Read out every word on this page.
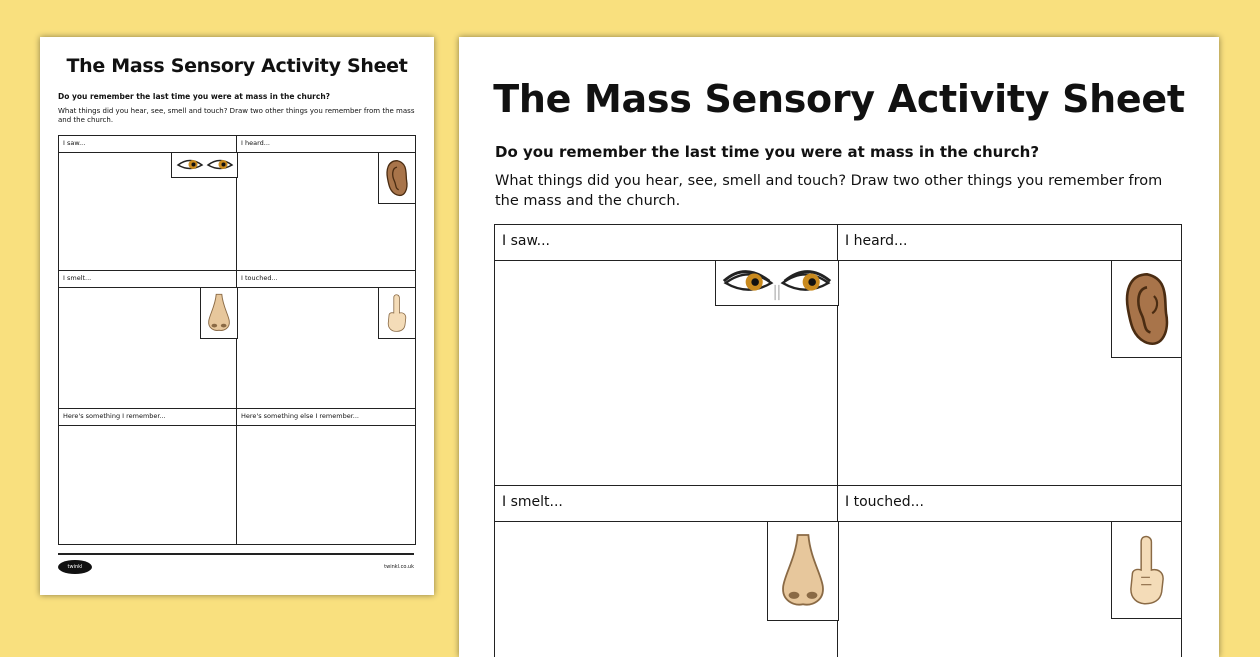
The Mass Sensory Activity Sheet
Do you remember the last time you were at mass in the church?
What things did you hear, see, smell and touch? Draw two other things you remember from the mass and the church.
I saw...	I heard...
I smelt...	I touched...
Here's something I remember...	Here's something else I remember...
twinkl	twinkl.co.uk
The Mass Sensory Activity Sheet
Do you remember the last time you were at mass in the church?
What things did you hear, see, smell and touch? Draw two other things you remember from the mass and the church.
I saw...	I heard...
I smelt...	I touched...
